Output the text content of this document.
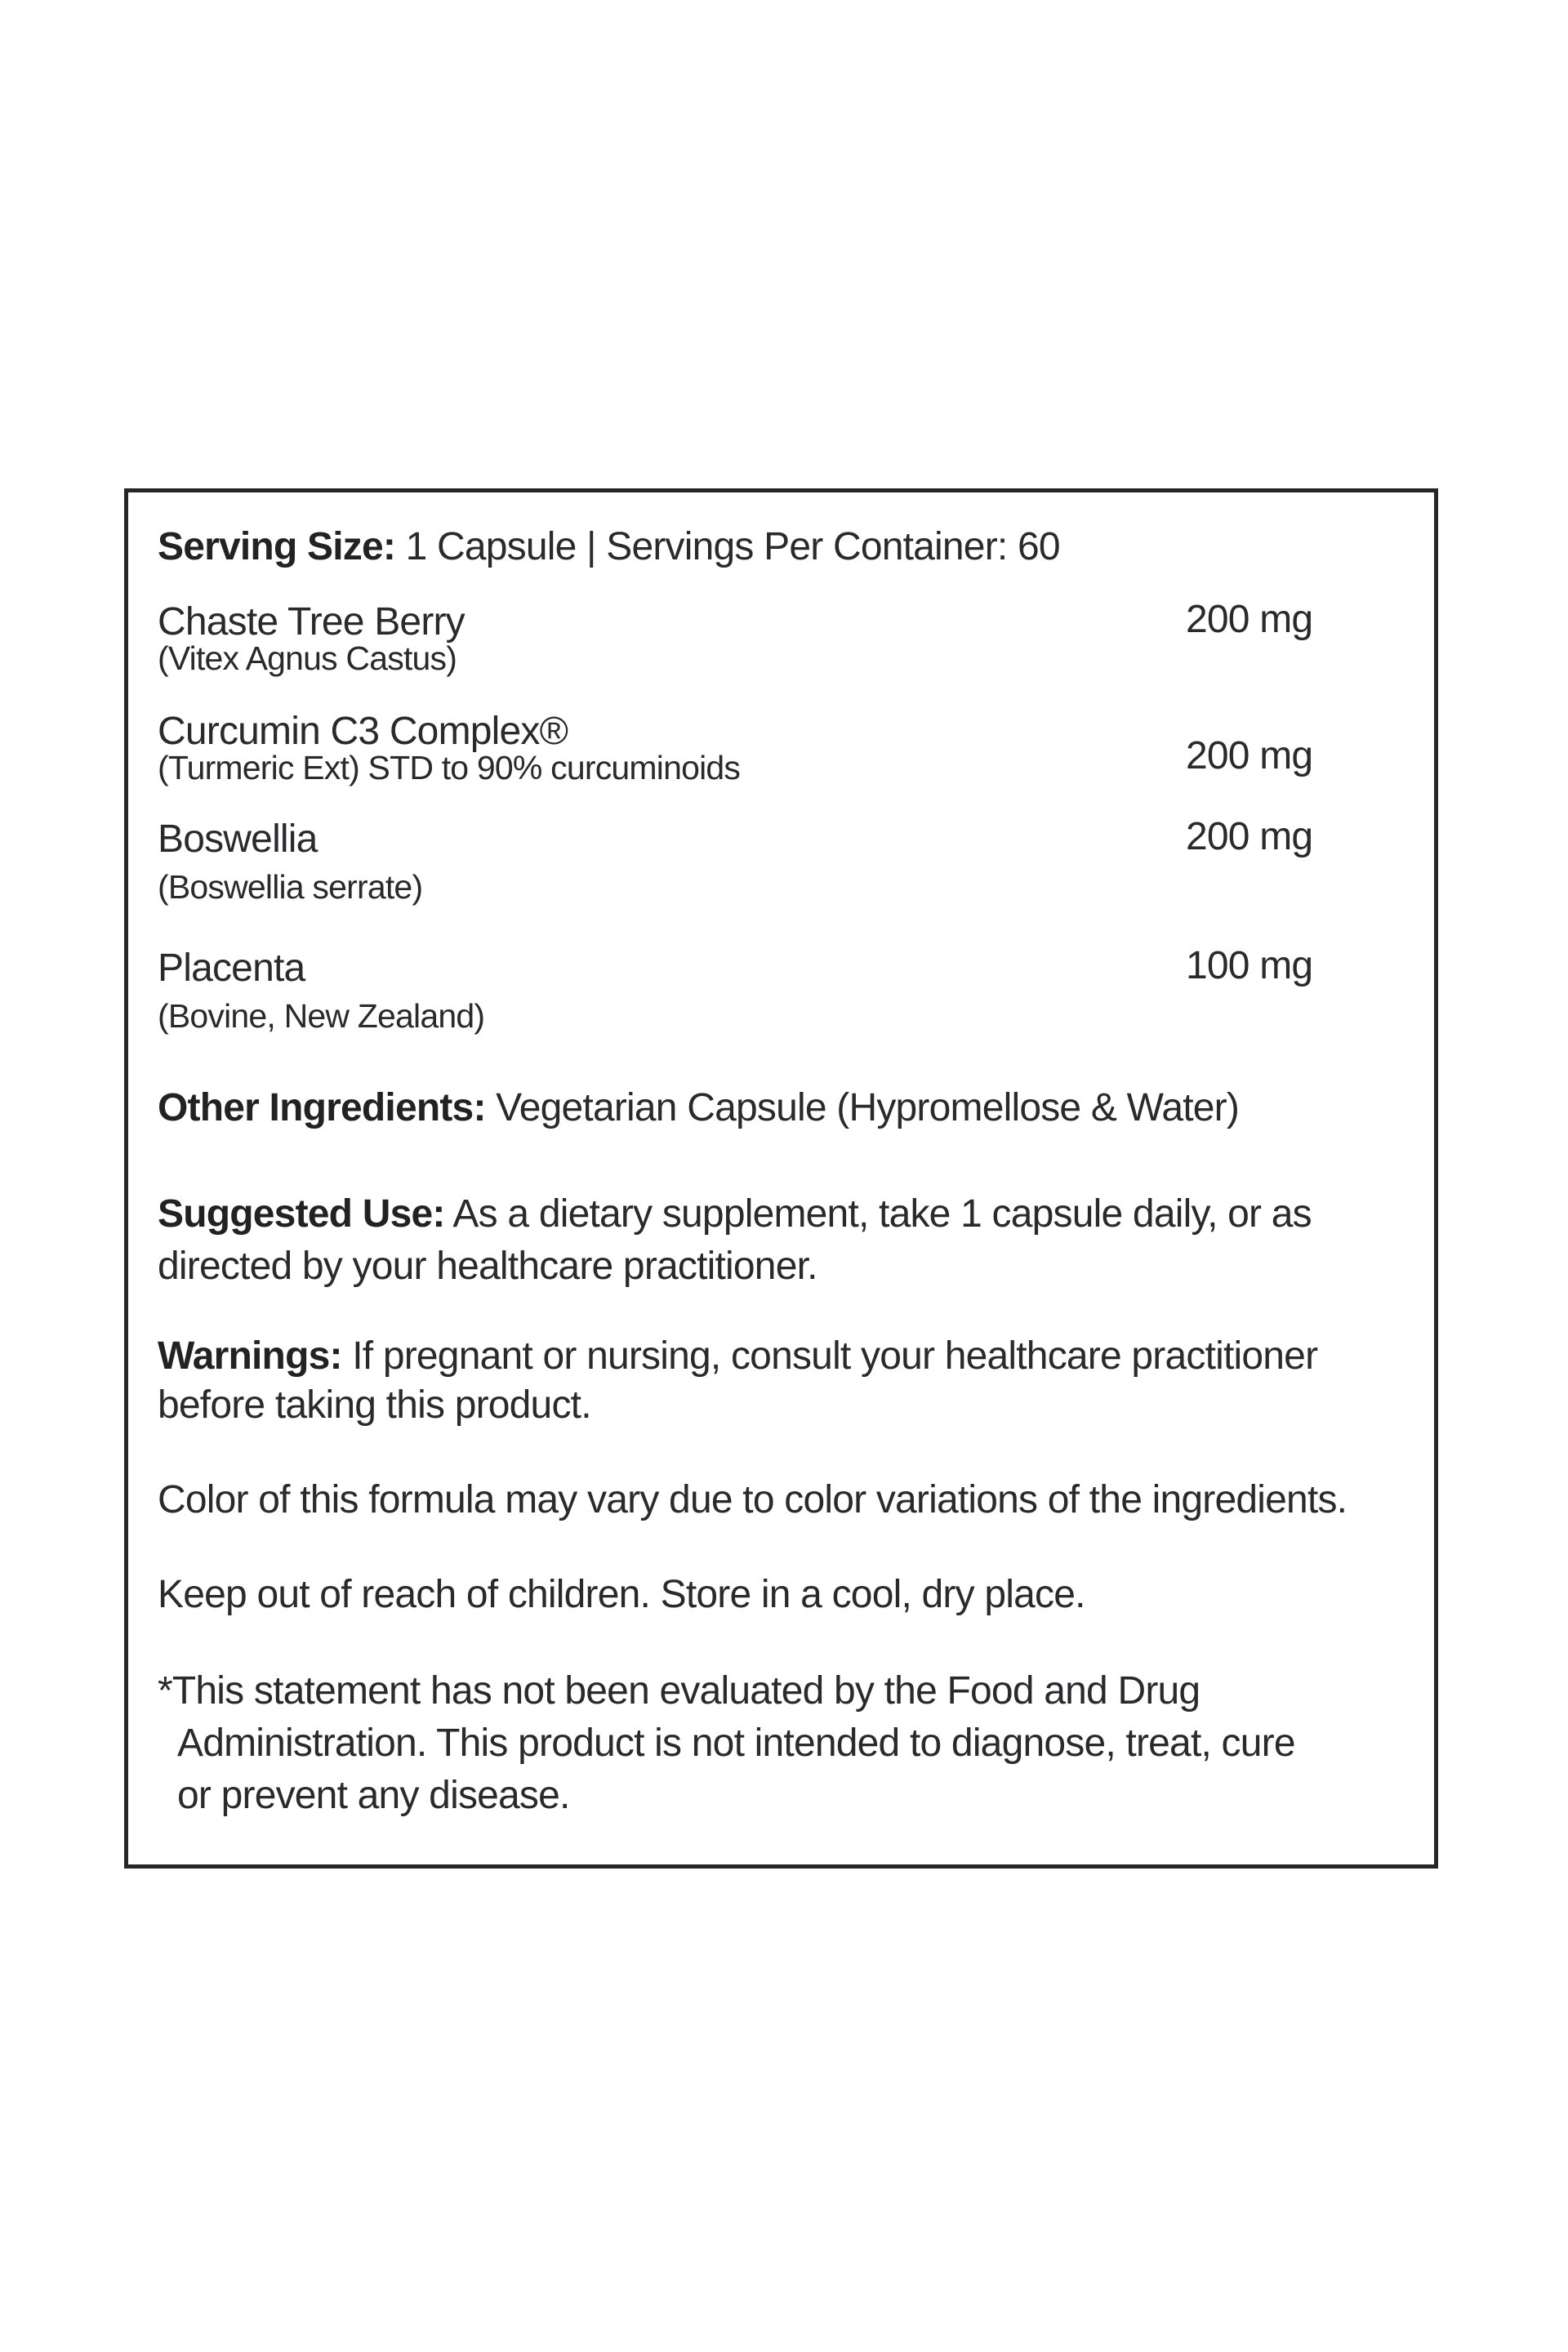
Serving Size: 1 Capsule | Servings Per Container: 60
Chaste Tree Berry
(Vitex Agnus Castus)
200 mg
Curcumin C3 Complex®
(Turmeric Ext) STD to 90% curcuminoids	200 mg
Boswellia
(Boswellia serrate)
200 mg
Placenta
(Bovine, New Zealand)
100 mg
Other Ingredients: Vegetarian Capsule (Hypromellose & Water)
Suggested Use: As a dietary supplement, take 1 capsule daily, or as
directed by your healthcare practitioner.
Warnings: If pregnant or nursing, consult your healthcare practitioner
before taking this product.
Color of this formula may vary due to color variations of the ingredients.
Keep out of reach of children. Store in a cool, dry place.
*This statement has not been evaluated by the Food and Drug
Administration. This product is not intended to diagnose, treat, cure
or prevent any disease.
